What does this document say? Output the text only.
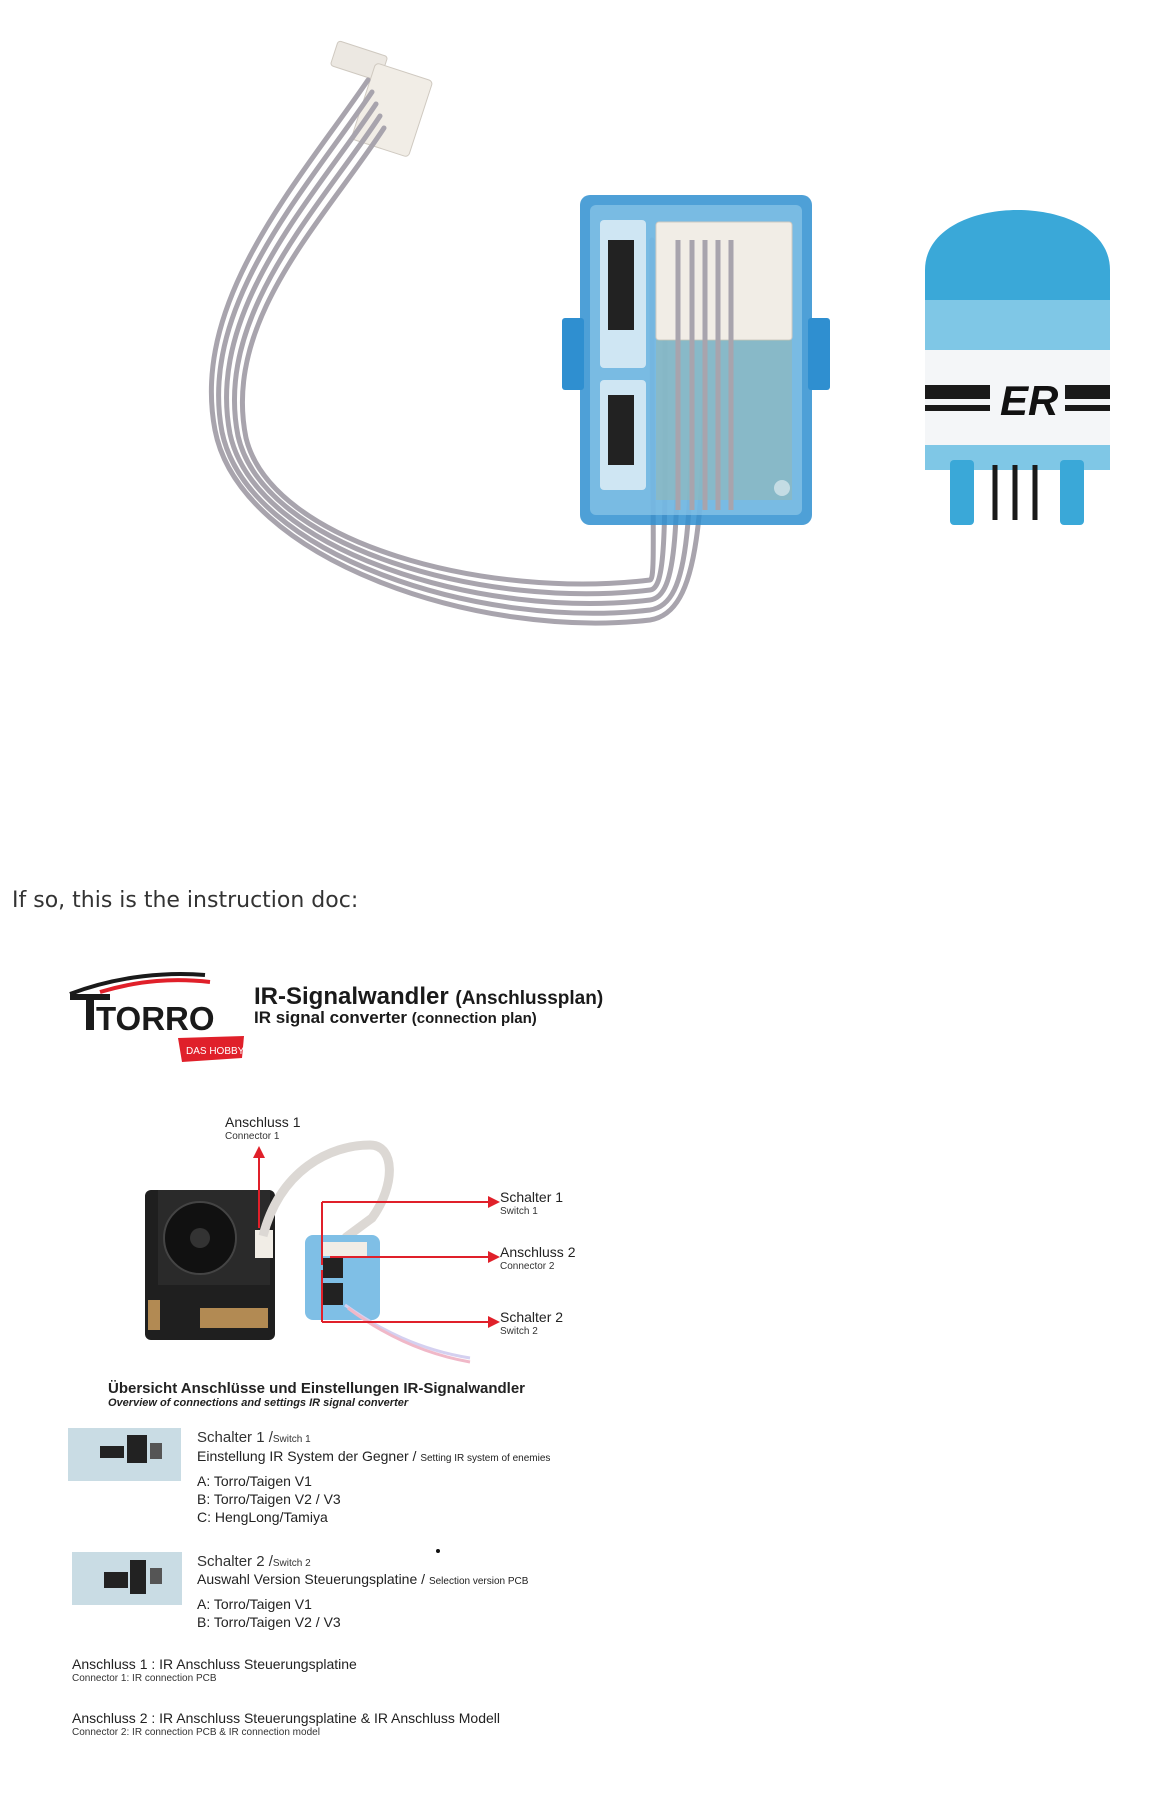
ER
If so, this is the instruction doc:
TORRO
DAS HOBBY
IR-Signalwandler (Anschlussplan)
IR signal converter (connection plan)
Anschluss 1
Connector 1
Schalter 1
Switch 1
Anschluss 2
Connector 2
Schalter 2
Switch 2
Übersicht Anschlüsse und Einstellungen IR-Signalwandler
Overview of connections and settings IR signal converter
Schalter 1 /Switch 1
Einstellung IR System der Gegner / Setting IR system of enemies
A: Torro/Taigen V1
B: Torro/Taigen V2 / V3
C: HengLong/Tamiya
Schalter 2 /Switch 2
Auswahl Version Steuerungsplatine / Selection version PCB
A: Torro/Taigen V1
B: Torro/Taigen V2 / V3
Anschluss 1 : IR Anschluss Steuerungsplatine
Connector 1: IR connection PCB
Anschluss 2 : IR Anschluss Steuerungsplatine & IR Anschluss Modell
Connector 2: IR connection PCB & IR connection model
